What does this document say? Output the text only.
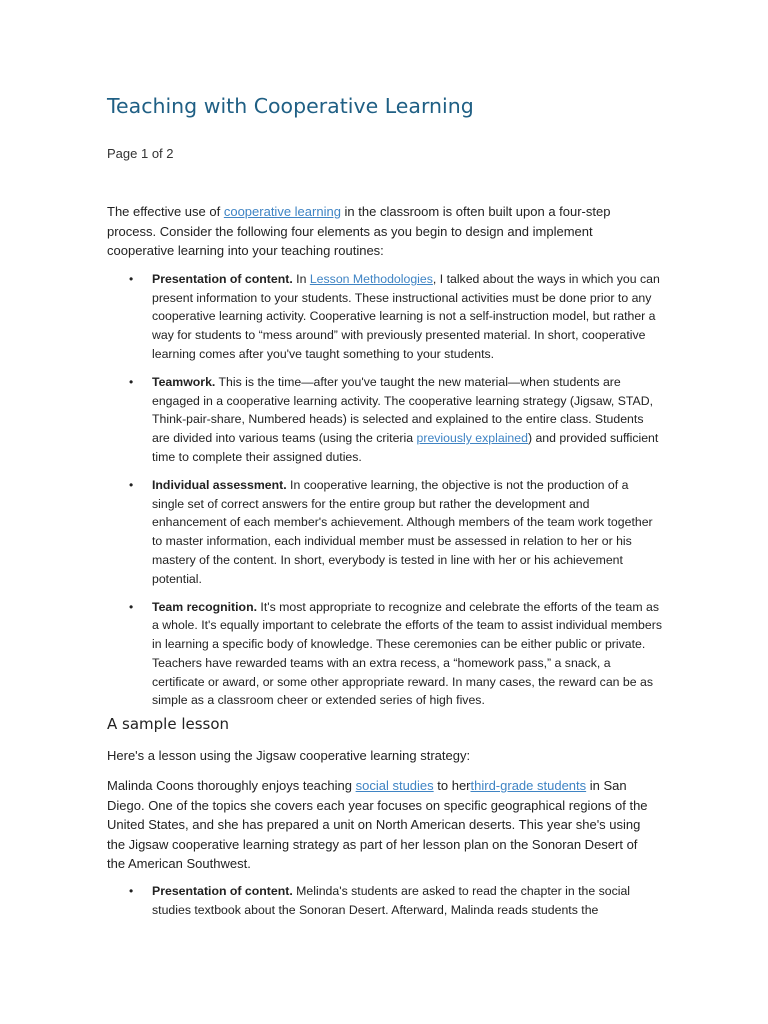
Teaching with Cooperative Learning
Page 1 of 2

The effective use of cooperative learning in the classroom is often built upon a four-step process. Consider the following four elements as you begin to design and implement cooperative learning into your teaching routines:

• Presentation of content. In Lesson Methodologies, I talked about the ways in which you can present information to your students. These instructional activities must be done prior to any cooperative learning activity. Cooperative learning is not a self-instruction model, but rather a way for students to “mess around” with previously presented material. In short, cooperative learning comes after you've taught something to your students.
• Teamwork. This is the time—after you've taught the new material—when students are engaged in a cooperative learning activity. The cooperative learning strategy (Jigsaw, STAD, Think-pair-share, Numbered heads) is selected and explained to the entire class. Students are divided into various teams (using the criteria previously explained) and provided sufficient time to complete their assigned duties.
• Individual assessment. In cooperative learning, the objective is not the production of a single set of correct answers for the entire group but rather the development and enhancement of each member's achievement. Although members of the team work together to master information, each individual member must be assessed in relation to her or his mastery of the content. In short, everybody is tested in line with her or his achievement potential.
• Team recognition. It's most appropriate to recognize and celebrate the efforts of the team as a whole. It's equally important to celebrate the efforts of the team to assist individual members in learning a specific body of knowledge. These ceremonies can be either public or private. Teachers have rewarded teams with an extra recess, a “homework pass,” a snack, a certificate or award, or some other appropriate reward. In many cases, the reward can be as simple as a classroom cheer or extended series of high fives.
A sample lesson

Here's a lesson using the Jigsaw cooperative learning strategy:

Malinda Coons thoroughly enjoys teaching social studies to herthird-grade students in San Diego. One of the topics she covers each year focuses on specific geographical regions of the United States, and she has prepared a unit on North American deserts. This year she's using the Jigsaw cooperative learning strategy as part of her lesson plan on the Sonoran Desert of the American Southwest.

• Presentation of content. Melinda's students are asked to read the chapter in the social studies textbook about the Sonoran Desert. Afterward, Malinda reads students the
